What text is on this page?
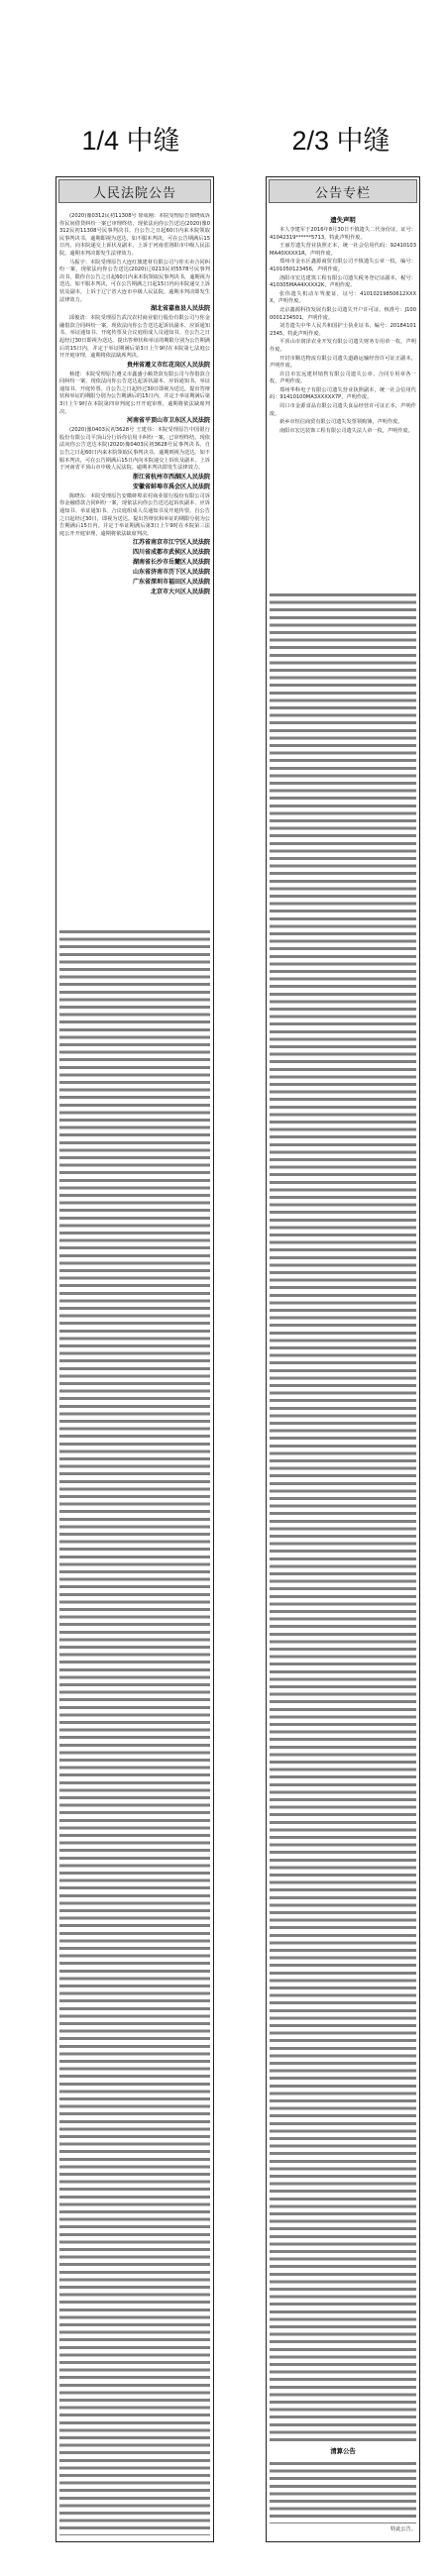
1/4 中缝	2/3 中缝
人民法院公告

(2020)豫0312民初11308号 徐成刚：本院受理原告徐晓成诉你民间借贷纠纷一案已审理终结，现依法向你公告送达(2020)豫0312民初11308号民事判决书。自公告之日起60日内来本院领取民事判决书，逾期即视为送达。如不服本判决，可在公告期满后15日内，向本院递交上诉状及副本，上诉于河南省洛阳市中级人民法院。逾期本判决即发生法律效力。

马振宇：本院受理原告大连红旗建材有限公司与你买卖合同纠纷一案，现依法向你公告送达(2020)辽0213民初5578号民事判决书，限你自公告之日起60日内来本院领取民事判决书，逾期视为送达。如不服本判决，可在公告期满之日起15日内向本院递交上诉状及副本，上诉于辽宁省大连市中级人民法院。逾期本判决即发生法律效力。

湖北省嘉鱼县人民法院

邱俊清：本院受理原告武汉农村商业银行股份有限公司与你金融借款合同纠纷一案，现依法向你公告送达起诉状副本、应诉通知书、举证通知书、开庭传票及合议庭组成人员通知书。自公告之日起经过30日即视为送达。提出答辩状和举证的期限分别为公告期满后的15日内，并定于举证期满后第3日上午9时在本院第七法庭公开开庭审理，逾期将依法缺席判决。

贵州省遵义市红花岗区人民法院

杨建：本院受理原告遵义市鑫盛小额贷款有限公司与你借款合同纠纷一案，现依法向你公告送达起诉状副本、应诉通知书、举证通知书、开庭传票。自公告之日起经过30日即视为送达。提出答辩状和举证的期限分别为公告期满后的15日内，并定于举证期满后第3日上午9时在本院第四审判庭公开开庭审理，逾期将依法缺席判决。

河南省平顶山市卫东区人民法院

(2020)豫0403民初3628号 王建伟：本院受理原告中国银行股份有限公司平顶山分行诉你信用卡纠纷一案，已审理终结。现依法向你公告送达本院(2020)豫0403民初3628号民事判决书。自公告之日起60日内来本院领取民事判决书，逾期则视为送达。如不服本判决，可在公告期满后15日内向本院递交上诉状及副本，上诉于河南省平顶山市中级人民法院。逾期本判决即发生法律效力。

浙江省杭州市西湖区人民法院

安徽省蚌埠市禹会区人民法院

陈晓东：本院受理原告安徽蚌埠农村商业银行股份有限公司诉你金融借款合同纠纷一案，现依法向你公告送达起诉状副本、应诉通知书、举证通知书、合议庭组成人员通知书及开庭传票。自公告之日起经过30日，即视为送达。提出答辩状和举证的期限分别为公告期满后15日内。并定于举证期满后第3日上午9时在本院第三法庭公开开庭审理，逾期将依法缺席判决。

江苏省南京市江宁区人民法院

四川省成都市武侯区人民法院

湖南省长沙市岳麓区人民法院

山东省济南市历下区人民法院

广东省深圳市福田区人民法院

北京市大兴区人民法院

公告专栏

遗失声明

本人李建军于2016年8月30日不慎遗失二代身份证，证号：41042319******5713，特此声明作废。

王丽芳遗失营业执照正本，统一社会信用代码：92410103MA40XXXX1R，声明作废。

郑州市金水区鑫源商贸有限公司不慎遗失公章一枚，编号：4101050123456，声明作废。

洛阳市宏达建筑工程有限公司遗失税务登记证副本，税号：410305MA44XXXX2K，声明作废。

张伟遗失机动车驾驶证，证号：41010219850612XXXX，声明作废。

北京鑫源科技发展有限公司遗失开户许可证，核准号：J1000001234501，声明作废。

刘芳遗失中华人民共和国护士执业证书，编号：201841012345，特此声明作废。

平顶山市润泽农业开发有限公司遗失财务专用章一枚，声明作废。

开封市顺达物流有限公司遗失道路运输经营许可证正副本，声明作废。

许昌市宏远建材销售有限公司遗失公章、合同专用章各一枚，声明作废。

郑州华科电子有限公司遗失营业执照副本，统一社会信用代码：91410100MA3XXXXX7P，声明作废。

周口市金源食品有限公司遗失食品经营许可证正本，声明作废。

新乡市恒信商贸有限公司遗失发票领购簿，声明作废。

南阳市宏达装饰工程有限公司遗失法人章一枚，声明作废。

清算公告
特此公告。
